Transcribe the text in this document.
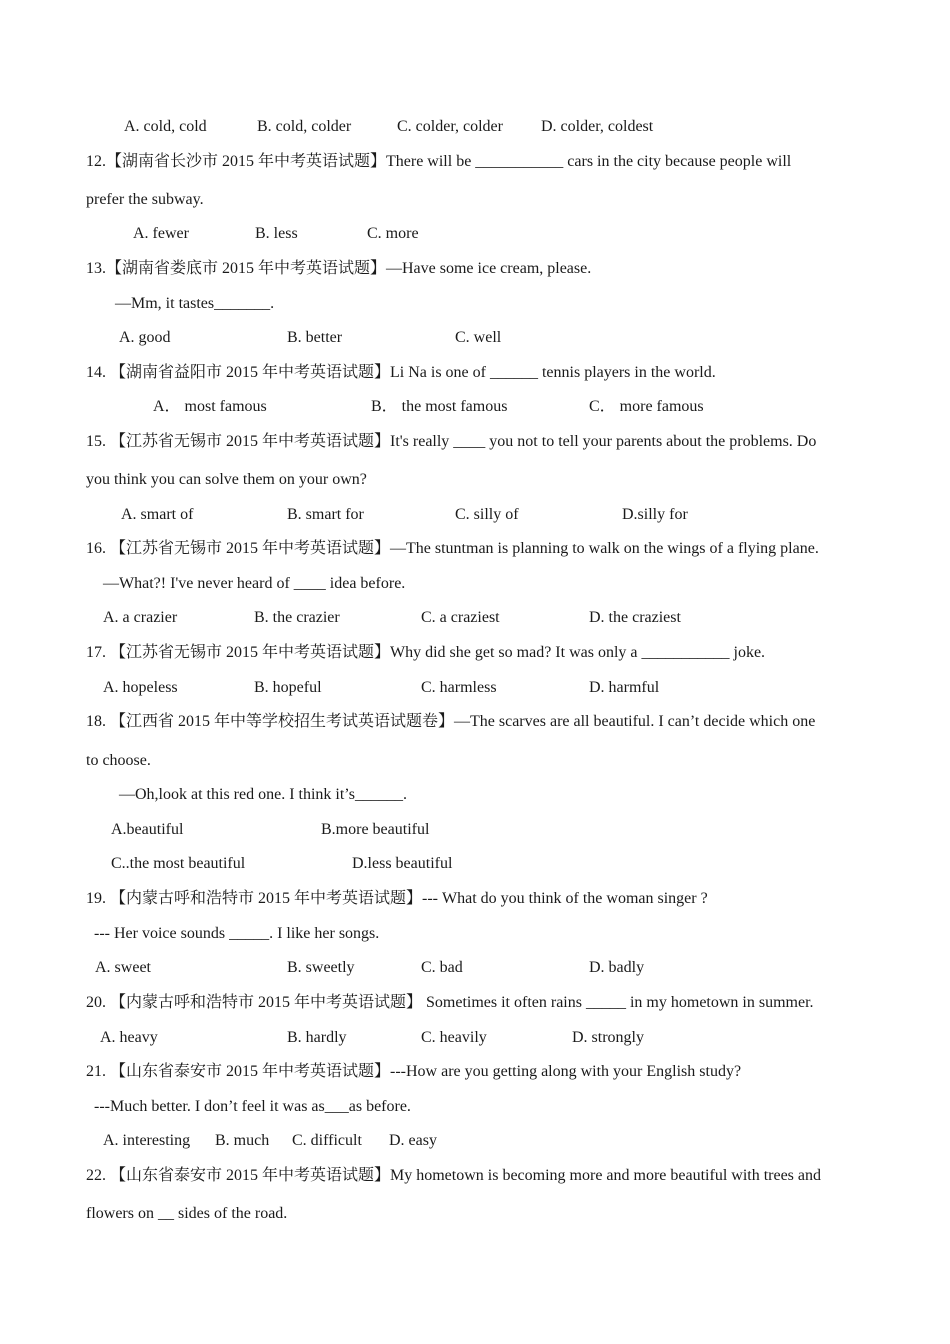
A. cold, cold	B. cold, colder	C. colder, colder D. colder, coldest
12.【湖南省长沙市 2015 年中考英语试题】There will be ___________ cars in the city because people will
prefer the subway.
A. fewer	B. less	C. more
13.【湖南省娄底市 2015 年中考英语试题】—Have some ice cream, please.
—Mm, it tastes_______.
A. good	B. better	C. well
14. 【湖南省益阳市 2015 年中考英语试题】Li Na is one of ______ tennis players in the world.
A． most famous	B． the most famous	C． more famous
15. 【江苏省无锡市 2015 年中考英语试题】It's really ____ you not to tell your parents about the problems. Do
you think you can solve them on your own?
A. smart of	B. smart for	C. silly of	D.silly for
16. 【江苏省无锡市 2015 年中考英语试题】—The stuntman is planning to walk on the wings of a flying plane.
—What?! I've never heard of ____ idea before.
A. a crazier	B. the crazier	C. a craziest	D. the craziest
17. 【江苏省无锡市 2015 年中考英语试题】Why did she get so mad? It was only a ___________ joke.
A. hopeless	B. hopeful	C. harmless	D. harmful
18. 【江西省 2015 年中等学校招生考试英语试题卷】—The scarves are all beautiful. I can’t decide which one
to choose.
—Oh,look at this red one. I think it’s______.
A.beautiful	B.more beautiful
C..the most beautiful	D.less beautiful
19. 【内蒙古呼和浩特市 2015 年中考英语试题】--- What do you think of the woman singer ?
--- Her voice sounds _____. I like her songs.
A. sweet	B. sweetly	C. bad	D. badly
20. 【内蒙古呼和浩特市 2015 年中考英语试题】 Sometimes it often rains _____ in my hometown in summer.
A. heavy	B. hardly	C. heavily	D. strongly
21. 【山东省泰安市 2015 年中考英语试题】---How are you getting along with your English study?
---Much better. I don’t feel it was as___as before.
A. interesting B. much C. difficult D. easy
22. 【山东省泰安市 2015 年中考英语试题】My hometown is becoming more and more beautiful with trees and
flowers on __ sides of the road.
